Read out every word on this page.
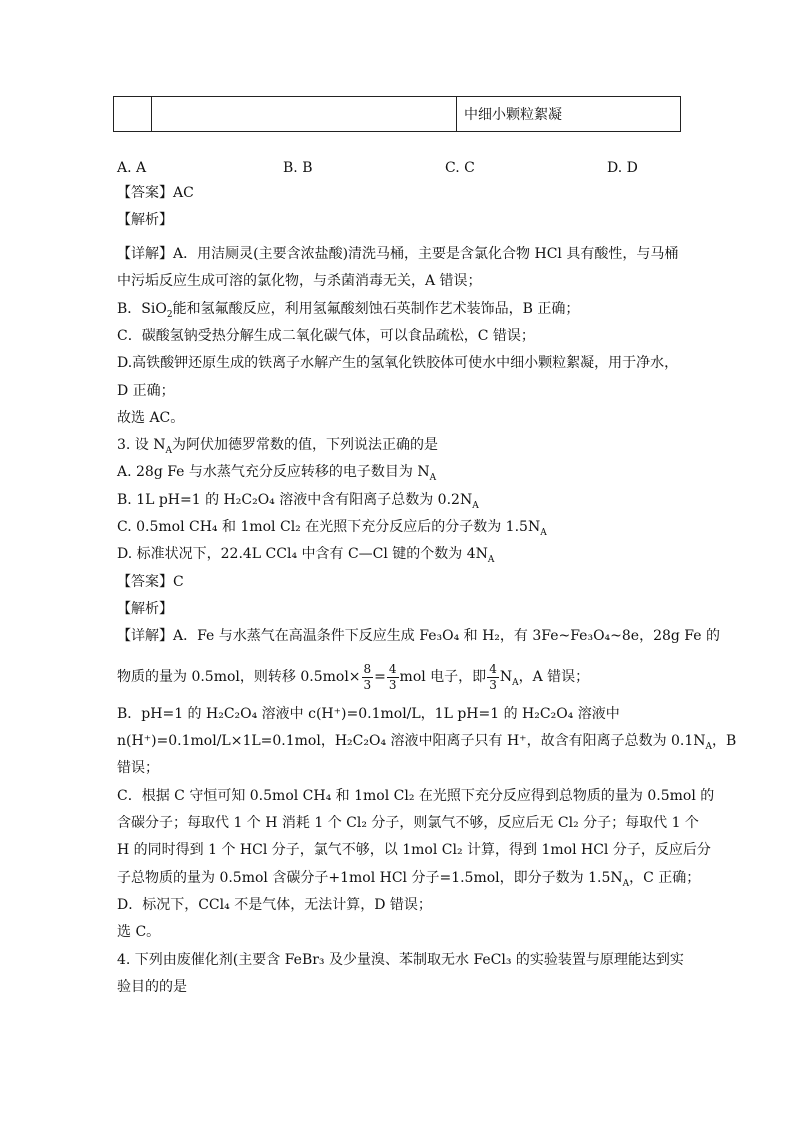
中细小颗粒絮凝
A. A	B. B	C. C	D. D
【答案】AC
【解析】
【详解】A．用洁厕灵(主要含浓盐酸)清洗马桶，主要是含氯化合物 HCl 具有酸性，与马桶
中污垢反应生成可溶的氯化物，与杀菌消毒无关，A 错误；
B．SiO$_2$能和氢氟酸反应，利用氢氟酸刻蚀石英制作艺术装饰品，B 正确；
C．碳酸氢钠受热分解生成二氧化碳气体，可以食品疏松，C 错误；
D.高铁酸钾还原生成的铁离子水解产生的氢氧化铁胶体可使水中细小颗粒絮凝，用于净水，
D 正确；
故选 AC。
3. 设 $N_A$为阿伏加德罗常数的值，下列说法正确的是
A. 28g Fe 与水蒸气充分反应转移的电子数目为 $N_A$
B. 1L pH=1 的 H₂C₂O₄ 溶液中含有阳离子总数为 $0.2N_A$
C. 0.5mol CH₄ 和 1mol Cl₂ 在光照下充分反应后的分子数为 $1.5N_A$
D. 标准状况下，22.4L CCl₄ 中含有 C—Cl 键的个数为 $4N_A$
【答案】C
【解析】
【详解】A．Fe 与水蒸气在高温条件下反应生成 Fe₃O₄ 和 H₂，有 3Fe~Fe₃O₄~8e，28g Fe 的
物质的量为 0.5mol，则转移 $0.5mol\times \frac{8}{3} = \frac{4}{3}$ mol 电子，即 $\frac{4}{3} N_A$，A 错误；
B．pH=1 的 H₂C₂O₄ 溶液中 c(H⁺)=0.1mol/L，1L pH=1 的 H₂C₂O₄ 溶液中
n(H⁺)=0.1mol/L×1L=0.1mol，H₂C₂O₄ 溶液中阳离子只有 H⁺，故含有阳离子总数为 $0.1N_A$，B
错误；
C．根据 C 守恒可知 0.5mol CH₄ 和 1mol Cl₂ 在光照下充分反应得到总物质的量为 0.5mol 的
含碳分子；每取代 1 个 H 消耗 1 个 Cl₂ 分子，则氯气不够，反应后无 Cl₂ 分子；每取代 1 个
H 的同时得到 1 个 HCl 分子，氯气不够，以 1mol Cl₂ 计算，得到 1mol HCl 分子，反应后分
子总物质的量为 0.5mol 含碳分子+1mol HCl 分子=1.5mol，即分子数为 $1.5N_A$，C 正确；
D．标况下，CCl₄ 不是气体，无法计算，D 错误；
选 C。
4. 下列由废催化剂(主要含 FeBr₃ 及少量溴、苯制取无水 FeCl₃ 的实验装置与原理能达到实
验目的的是
